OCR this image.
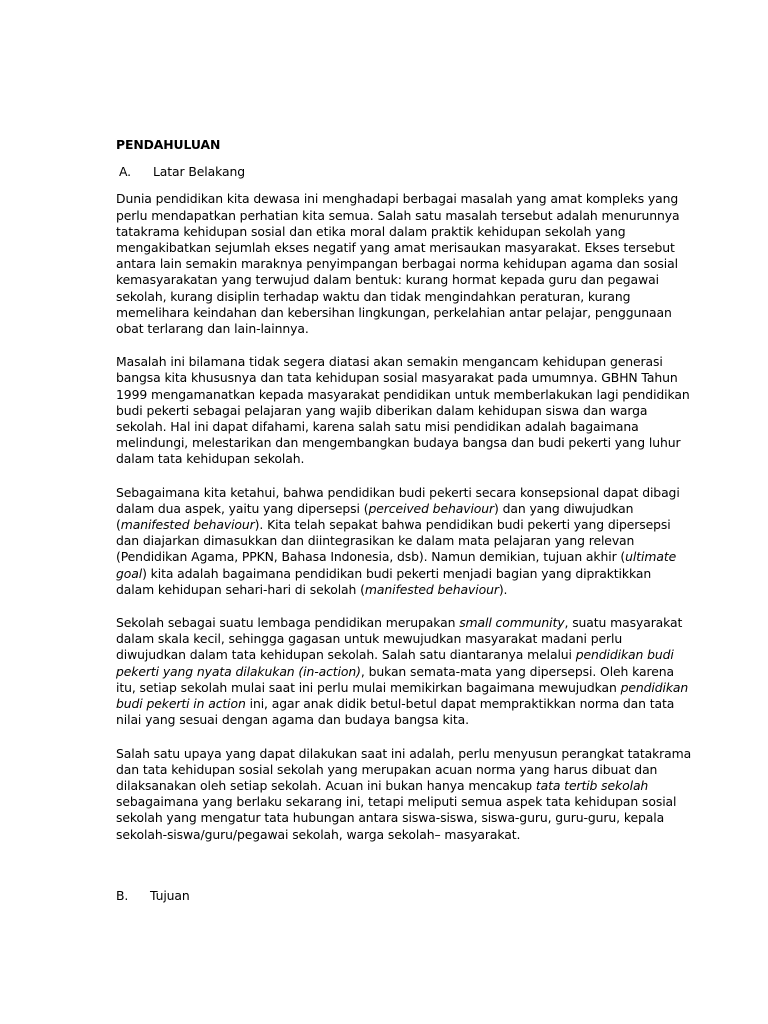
PENDAHULUAN
A.	Latar Belakang
Dunia pendidikan kita dewasa ini menghadapi berbagai masalah yang amat kompleks yang
perlu mendapatkan perhatian kita semua. Salah satu masalah tersebut adalah menurunnya
tatakrama kehidupan sosial dan etika moral dalam praktik kehidupan sekolah yang
mengakibatkan sejumlah ekses negatif yang amat merisaukan masyarakat. Ekses tersebut
antara lain semakin maraknya penyimpangan berbagai norma kehidupan agama dan sosial
kemasyarakatan yang terwujud dalam bentuk: kurang hormat kepada guru dan pegawai
sekolah, kurang disiplin terhadap waktu dan tidak mengindahkan peraturan, kurang
memelihara keindahan dan kebersihan lingkungan, perkelahian antar pelajar, penggunaan
obat terlarang dan lain-lainnya.
Masalah ini bilamana tidak segera diatasi akan semakin mengancam kehidupan generasi
bangsa kita khususnya dan tata kehidupan sosial masyarakat pada umumnya. GBHN Tahun
1999 mengamanatkan kepada masyarakat pendidikan untuk memberlakukan lagi pendidikan
budi pekerti sebagai pelajaran yang wajib diberikan dalam kehidupan siswa dan warga
sekolah. Hal ini dapat difahami, karena salah satu misi pendidikan adalah bagaimana
melindungi, melestarikan dan mengembangkan budaya bangsa dan budi pekerti yang luhur
dalam tata kehidupan sekolah.
Sebagaimana kita ketahui, bahwa pendidikan budi pekerti secara konsepsional dapat dibagi
dalam dua aspek, yaitu yang dipersepsi (perceived behaviour) dan yang diwujudkan
(manifested behaviour). Kita telah sepakat bahwa pendidikan budi pekerti yang dipersepsi
dan diajarkan dimasukkan dan diintegrasikan ke dalam mata pelajaran yang relevan
(Pendidikan Agama, PPKN, Bahasa Indonesia, dsb). Namun demikian, tujuan akhir (ultimate
goal) kita adalah bagaimana pendidikan budi pekerti menjadi bagian yang dipraktikkan
dalam kehidupan sehari-hari di sekolah (manifested behaviour).
Sekolah sebagai suatu lembaga pendidikan merupakan small community, suatu masyarakat
dalam skala kecil, sehingga gagasan untuk mewujudkan masyarakat madani perlu
diwujudkan dalam tata kehidupan sekolah. Salah satu diantaranya melalui pendidikan budi
pekerti yang nyata dilakukan (in-action), bukan semata-mata yang dipersepsi. Oleh karena
itu, setiap sekolah mulai saat ini perlu mulai memikirkan bagaimana mewujudkan pendidikan
budi pekerti in action ini, agar anak didik betul-betul dapat mempraktikkan norma dan tata
nilai yang sesuai dengan agama dan budaya bangsa kita.
Salah satu upaya yang dapat dilakukan saat ini adalah, perlu menyusun perangkat tatakrama
dan tata kehidupan sosial sekolah yang merupakan acuan norma yang harus dibuat dan
dilaksanakan oleh setiap sekolah. Acuan ini bukan hanya mencakup tata tertib sekolah
sebagaimana yang berlaku sekarang ini, tetapi meliputi semua aspek tata kehidupan sosial
sekolah yang mengatur tata hubungan antara siswa-siswa, siswa-guru, guru-guru, kepala
sekolah-siswa/guru/pegawai sekolah, warga sekolah– masyarakat.
B.	Tujuan
